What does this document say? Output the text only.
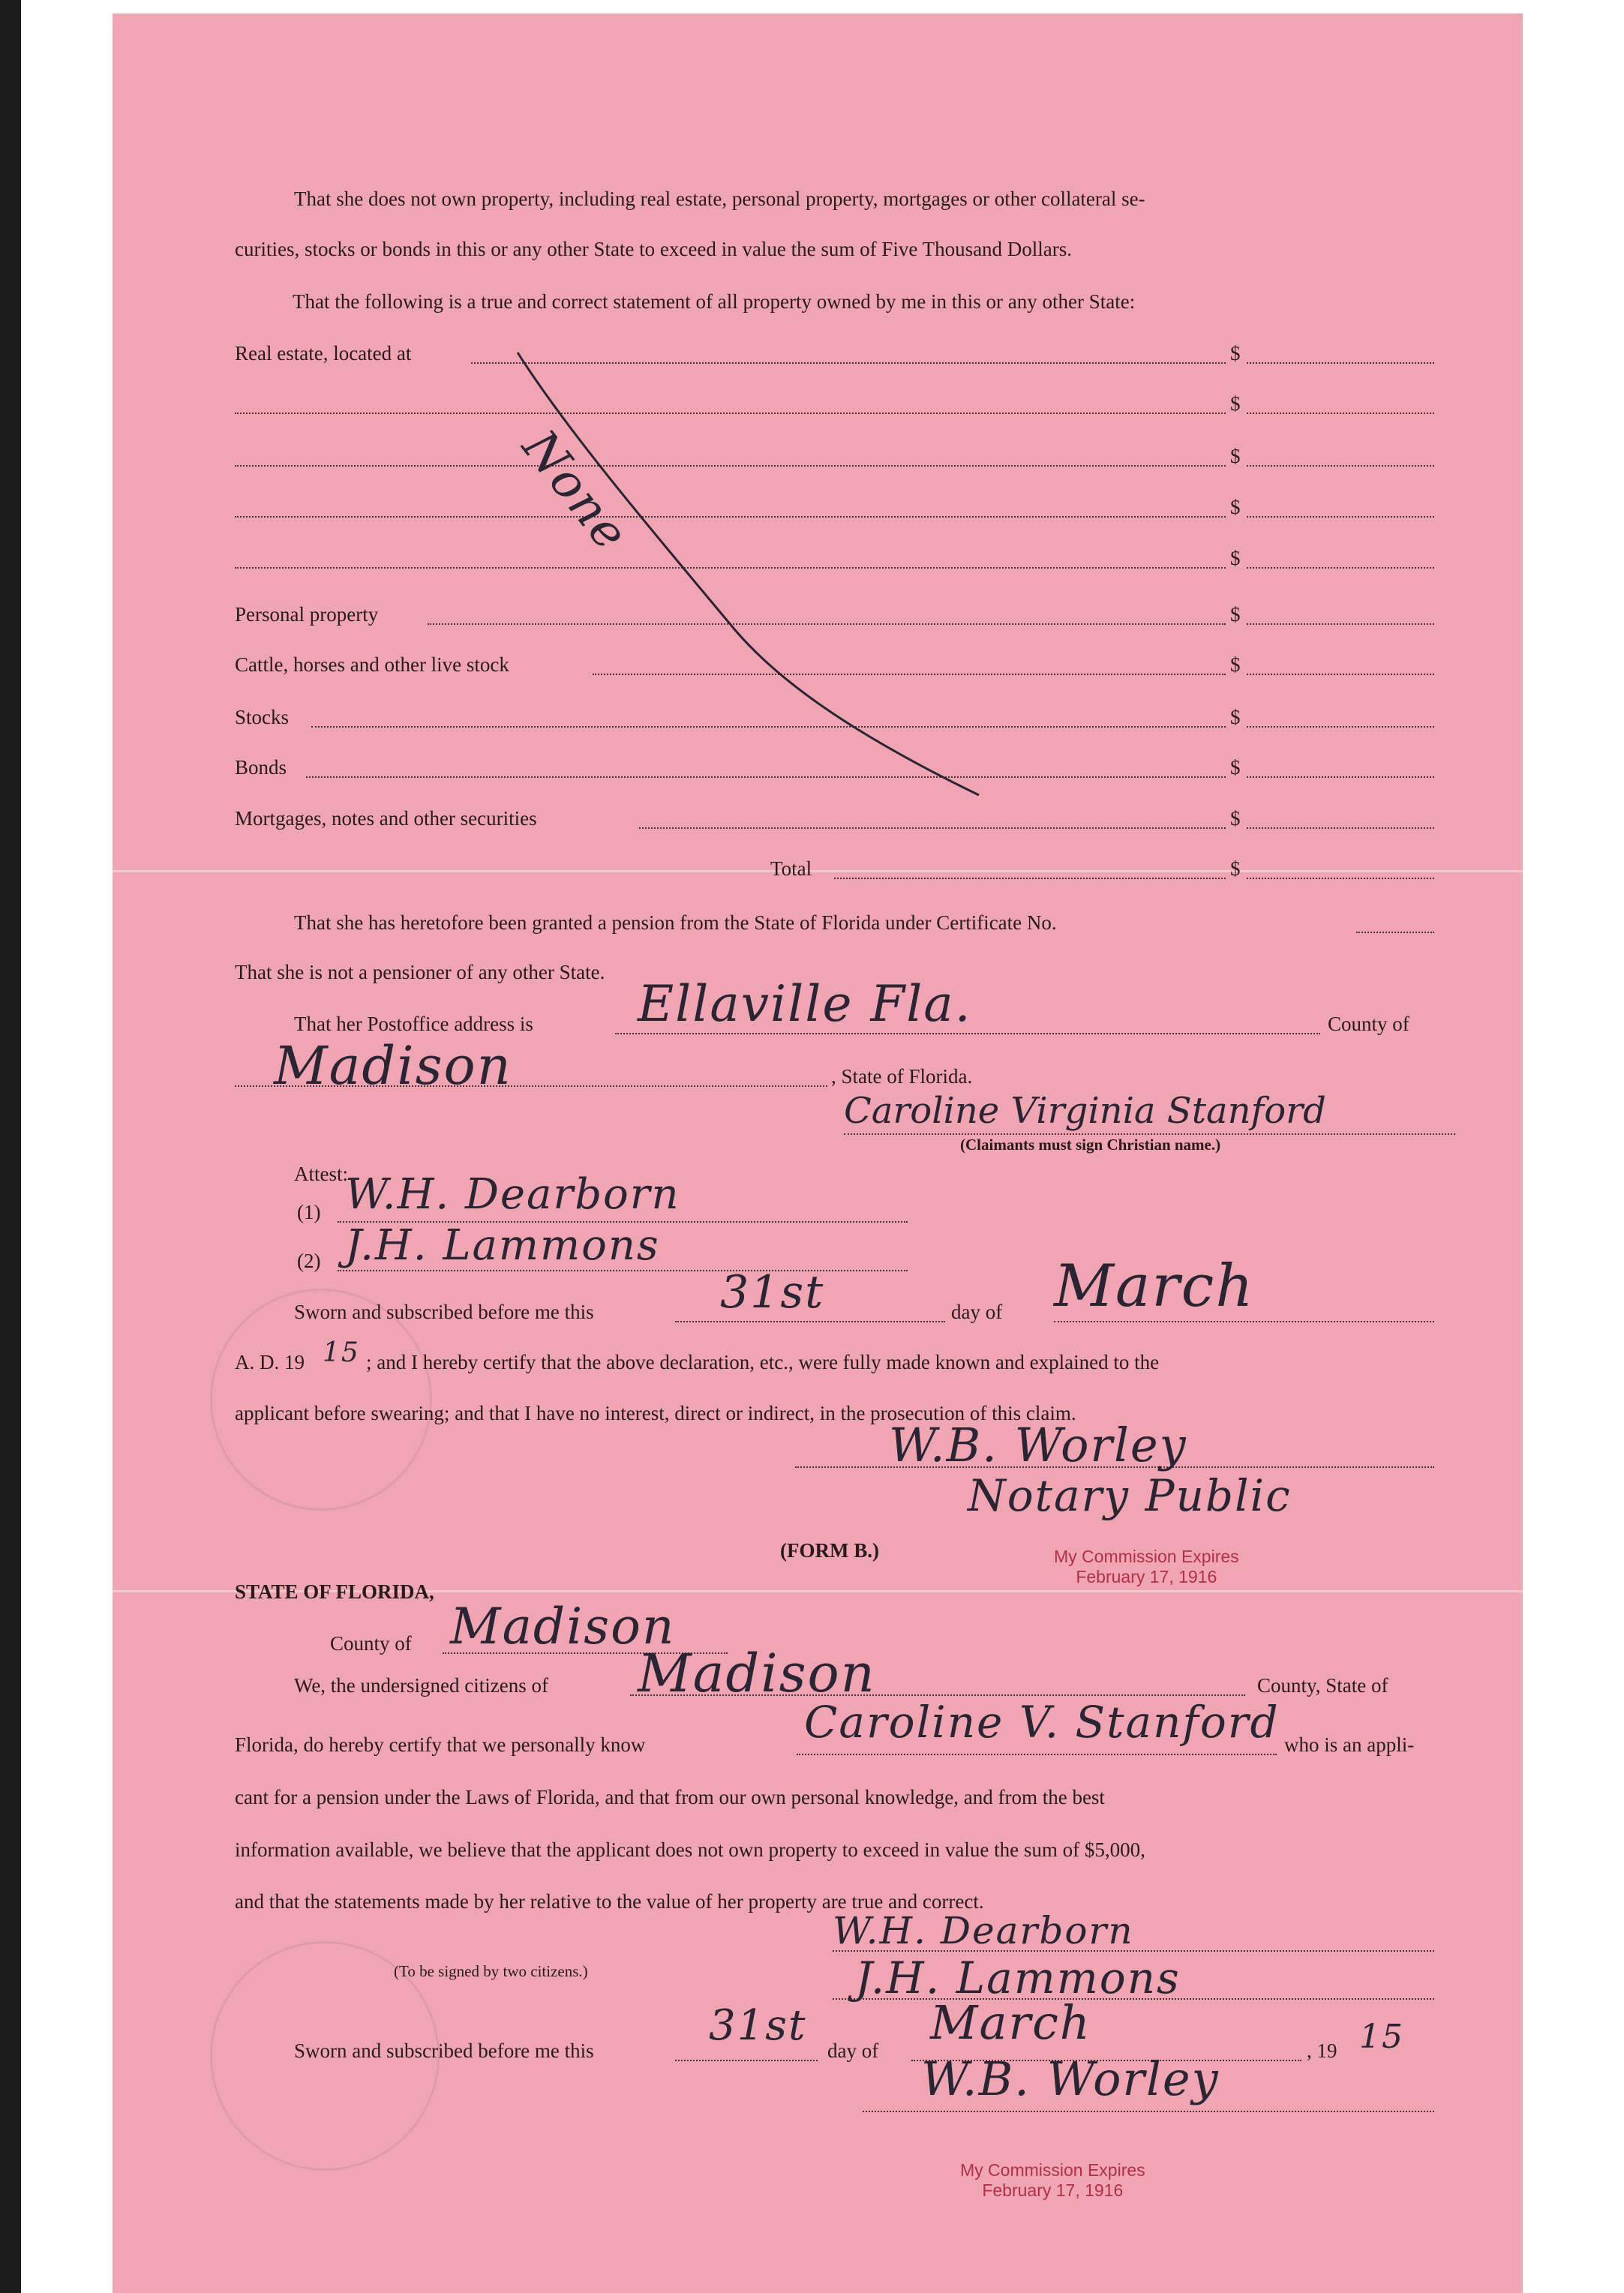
That she does not own property, including real estate, personal property, mortgages or other collateral se-
curities, stocks or bonds in this or any other State to exceed in value the sum of Five Thousand Dollars.
That the following is a true and correct statement of all property owned by me in this or any other State:
Real estate, located at	$
$
$
$
$
Personal property	$
Cattle, horses and other live stock	$
Stocks	$
Bonds	$
Mortgages, notes and other securities	$
Total	$
None
That she has heretofore been granted a pension from the State of Florida under Certificate No.
That she is not a pensioner of any other State.
That her Postoffice address is Ellaville Fla.	County of
Madison	, State of Florida.
Caroline Virginia Stanford
(Claimants must sign Christian name.)
Attest:
(1) W.H. Dearborn
(2) J.H. Lammons
Sworn and subscribed before me this	31st	day of March
A. D. 19 15 ; and I hereby certify that the above declaration, etc., were fully made known and explained to the
applicant before swearing; and that I have no interest, direct or indirect, in the prosecution of this claim.
W.B. Worley
Notary Public
(FORM B.)	My Commission Expires
February 17, 1916
STATE OF FLORIDA,
County of Madison
We, the undersigned citizens of Madison	County, State of
Florida, do hereby certify that we personally know	Caroline V. Stanford who is an appli-
cant for a pension under the Laws of Florida, and that from our own personal knowledge, and from the best
information available, we believe that the applicant does not own property to exceed in value the sum of $5,000,
and that the statements made by her relative to the value of her property are true and correct.
W.H. Dearborn
(To be signed by two citizens.)	J.H. Lammons
Sworn and subscribed before me this
31st
day of
March
, 19 15
W.B. Worley
My Commission Expires
February 17, 1916
